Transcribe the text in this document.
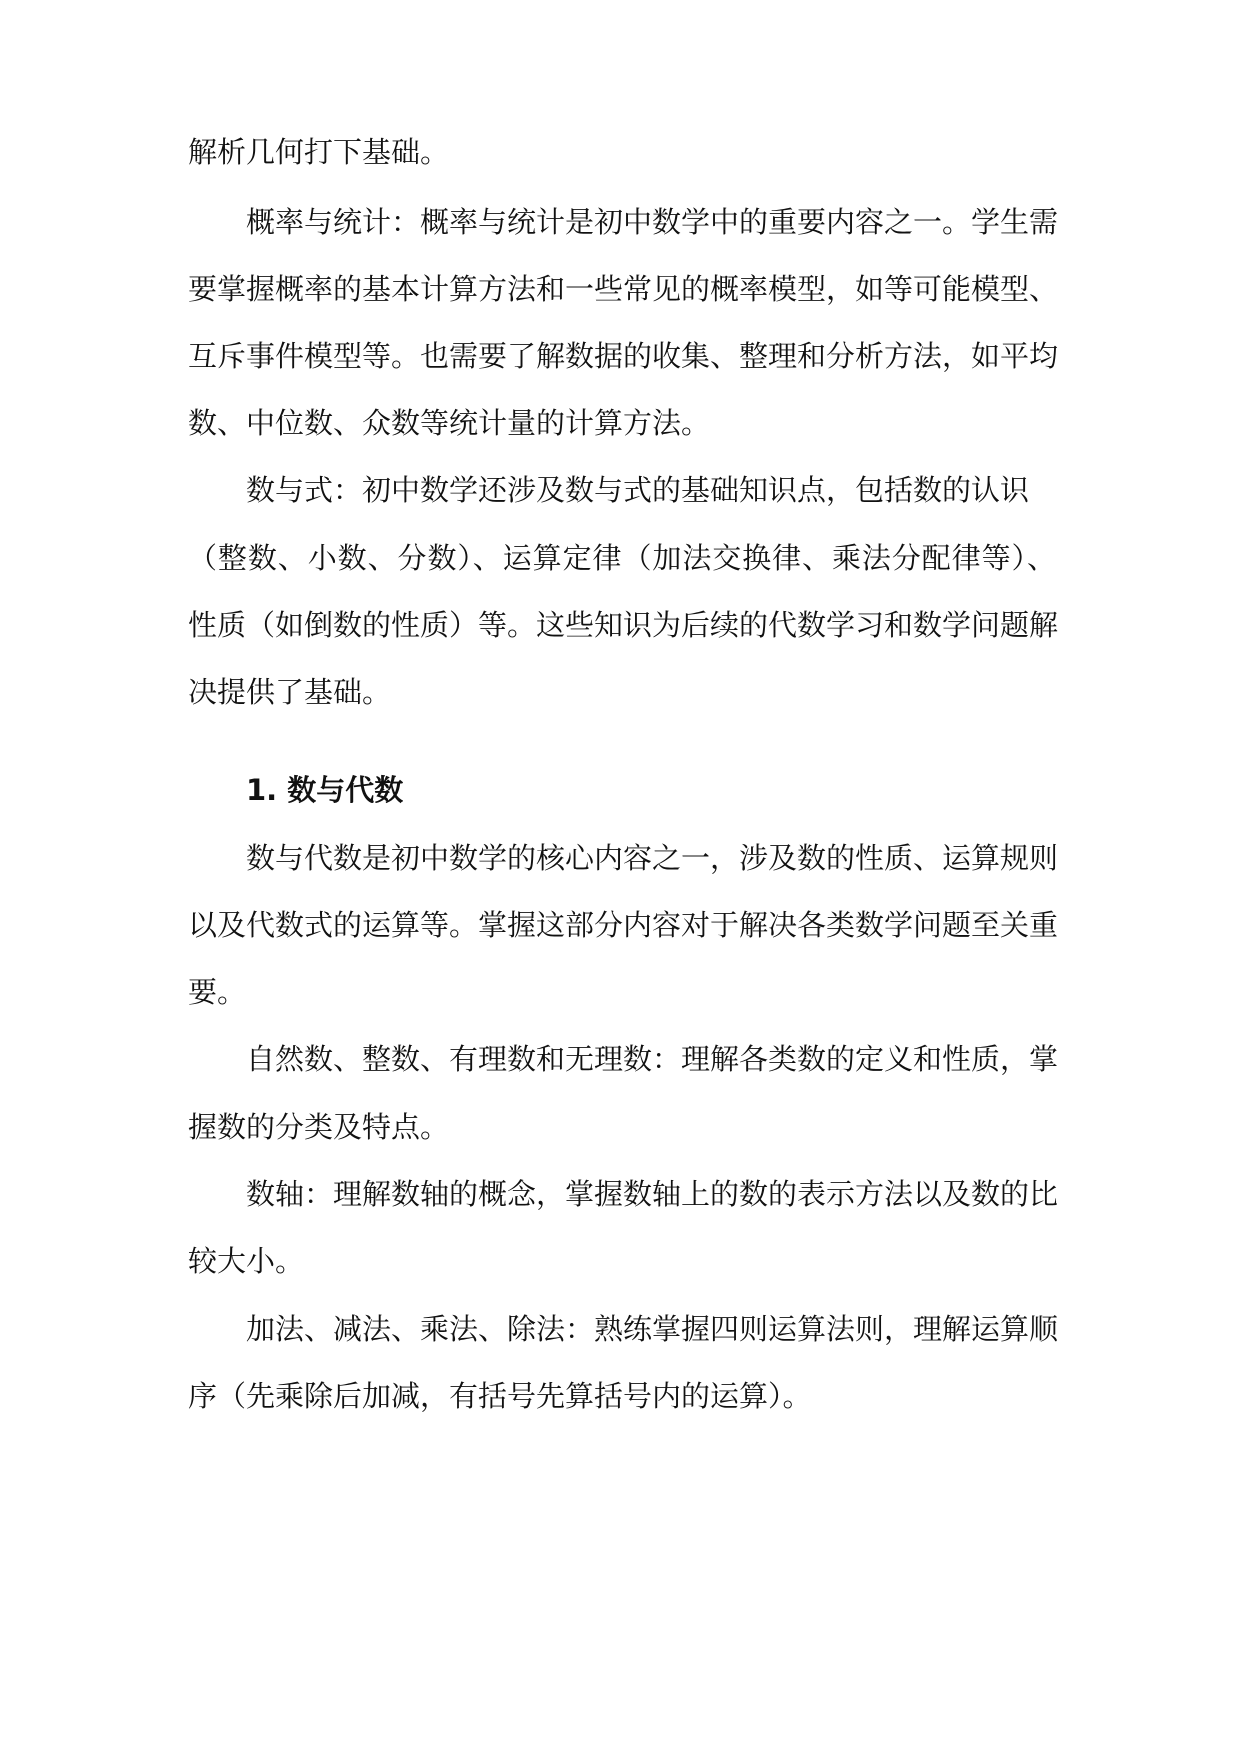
解析几何打下基础。
概率与统计：概率与统计是初中数学中的重要内容之一。学生需
要掌握概率的基本计算方法和一些常见的概率模型，如等可能模型、
互斥事件模型等。也需要了解数据的收集、整理和分析方法，如平均
数、中位数、众数等统计量的计算方法。
数与式：初中数学还涉及数与式的基础知识点，包括数的认识
（整数、小数、分数）、运算定律（加法交换律、乘法分配律等）、
性质（如倒数的性质）等。这些知识为后续的代数学习和数学问题解
决提供了基础。
1. 数与代数
数与代数是初中数学的核心内容之一，涉及数的性质、运算规则
以及代数式的运算等。掌握这部分内容对于解决各类数学问题至关重
要。
自然数、整数、有理数和无理数：理解各类数的定义和性质，掌
握数的分类及特点。
数轴：理解数轴的概念，掌握数轴上的数的表示方法以及数的比
较大小。
加法、减法、乘法、除法：熟练掌握四则运算法则，理解运算顺
序（先乘除后加减，有括号先算括号内的运算）。
